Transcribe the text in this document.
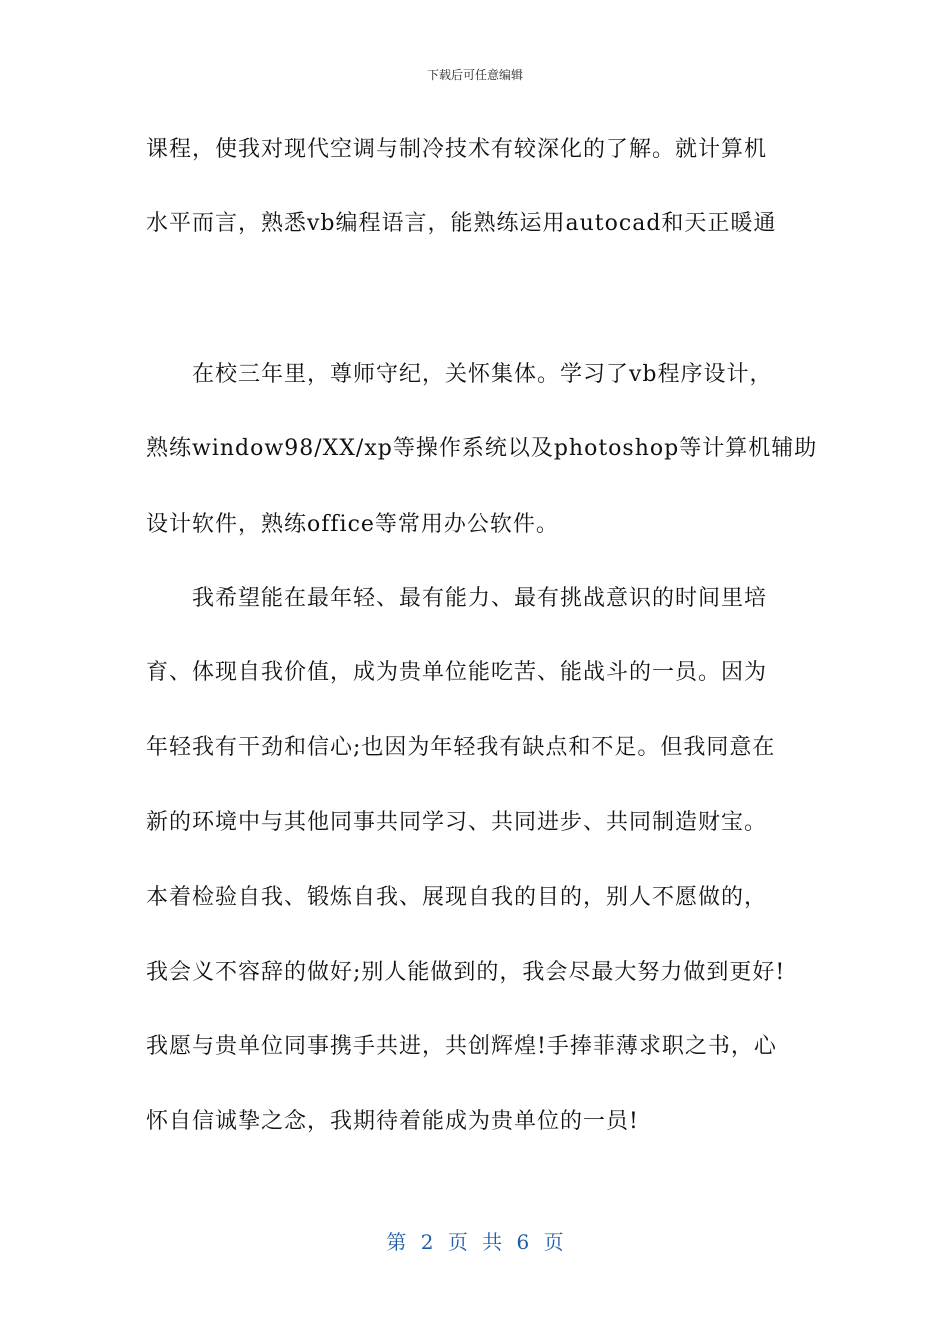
下载后可任意编辑
课程，使我对现代空调与制冷技术有较深化的了解。就计算机
水平而言，熟悉vb编程语言，能熟练运用autocad和天正暖通
在校三年里，尊师守纪，关怀集体。学习了vb程序设计，
熟练window98/XX/xp等操作系统以及photoshop等计算机辅助
设计软件，熟练office等常用办公软件。
我希望能在最年轻、最有能力、最有挑战意识的时间里培
育、体现自我价值，成为贵单位能吃苦、能战斗的一员。因为
年轻我有干劲和信心;也因为年轻我有缺点和不足。但我同意在
新的环境中与其他同事共同学习、共同进步、共同制造财宝。
本着检验自我、锻炼自我、展现自我的目的，别人不愿做的，
我会义不容辞的做好;别人能做到的，我会尽最大努力做到更好!
我愿与贵单位同事携手共进，共创辉煌!手捧菲薄求职之书，心
怀自信诚挚之念，我期待着能成为贵单位的一员!
第 2 页 共 6 页
